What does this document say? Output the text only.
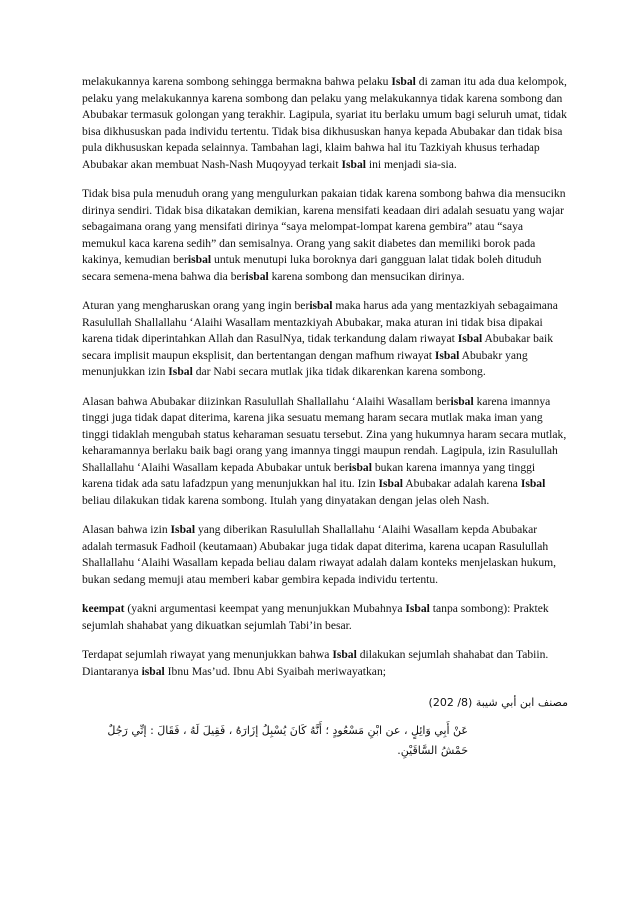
melakukannya karena sombong sehingga bermakna bahwa pelaku Isbal di zaman itu ada dua kelompok, pelaku yang melakukannya karena sombong dan pelaku yang melakukannya tidak karena sombong dan Abubakar termasuk golongan yang terakhir. Lagipula, syariat itu berlaku umum bagi seluruh umat, tidak bisa dikhususkan pada individu tertentu. Tidak bisa dikhususkan hanya kepada Abubakar dan tidak bisa pula dikhususkan kepada selainnya. Tambahan lagi, klaim bahwa hal itu Tazkiyah khusus terhadap Abubakar akan membuat Nash-Nash Muqoyyad terkait Isbal ini menjadi sia-sia.

Tidak bisa pula menuduh orang yang mengulurkan pakaian tidak karena sombong bahwa dia mensucikn dirinya sendiri. Tidak bisa dikatakan demikian, karena mensifati keadaan diri adalah sesuatu yang wajar sebagaimana orang yang mensifati dirinya “saya melompat-lompat karena gembira” atau “saya memukul kaca karena sedih” dan semisalnya. Orang yang sakit diabetes dan memiliki borok pada kakinya, kemudian berisbal untuk menutupi luka boroknya dari gangguan lalat tidak boleh dituduh secara semena-mena bahwa dia berisbal karena sombong dan mensucikan dirinya.

Aturan yang mengharuskan orang yang ingin berisbal maka harus ada yang mentazkiyah sebagaimana Rasulullah Shallallahu ‘Alaihi Wasallam mentazkiyah Abubakar, maka aturan ini tidak bisa dipakai karena tidak diperintahkan Allah dan RasulNya, tidak terkandung dalam riwayat Isbal Abubakar baik secara implisit maupun eksplisit, dan bertentangan dengan mafhum riwayat Isbal Abubakr yang menunjukkan izin Isbal dar Nabi secara mutlak jika tidak dikarenkan karena sombong.

Alasan bahwa Abubakar diizinkan Rasulullah Shallallahu ‘Alaihi Wasallam berisbal karena imannya tinggi juga tidak dapat diterima, karena jika sesuatu memang haram secara mutlak maka iman yang tinggi tidaklah mengubah status keharaman sesuatu tersebut. Zina yang hukumnya haram secara mutlak, keharamannya berlaku baik bagi orang yang imannya tinggi maupun rendah. Lagipula, izin Rasulullah Shallallahu ‘Alaihi Wasallam kepada Abubakar untuk berisbal bukan karena imannya yang tinggi karena tidak ada satu lafadzpun yang menunjukkan hal itu. Izin Isbal Abubakar adalah karena Isbal beliau dilakukan tidak karena sombong. Itulah yang dinyatakan dengan jelas oleh Nash.

Alasan bahwa izin Isbal yang diberikan Rasulullah Shallallahu ‘Alaihi Wasallam kepda Abubakar adalah termasuk Fadhoil (keutamaan) Abubakar juga tidak dapat diterima, karena ucapan Rasulullah Shallallahu ‘Alaihi Wasallam kepada beliau dalam riwayat adalah dalam konteks menjelaskan hukum, bukan sedang memuji atau memberi kabar gembira kepada individu tertentu.

keempat (yakni argumentasi keempat yang menunjukkan Mubahnya Isbal tanpa sombong): Praktek sejumlah shahabat yang dikuatkan sejumlah Tabi’in besar.

Terdapat sejumlah riwayat yang menunjukkan bahwa Isbal dilakukan sejumlah shahabat dan Tabiin. Diantaranya isbal Ibnu Mas’ud. Ibnu Abi Syaibah meriwayatkan;

مصنف ابن أبي شيبة (8/ 202)

عَنْ أَبِي وَائِلٍ ، عن ابْنِ مَسْعُودٍ ؛ أَنَّهُ كَانَ يُسْبِلُ إزَارَهُ ، فَقِيلَ لَهُ ، فَقَالَ : إنِّي رَجُلٌ حَمْشُ السَّاقَيْنِ.
